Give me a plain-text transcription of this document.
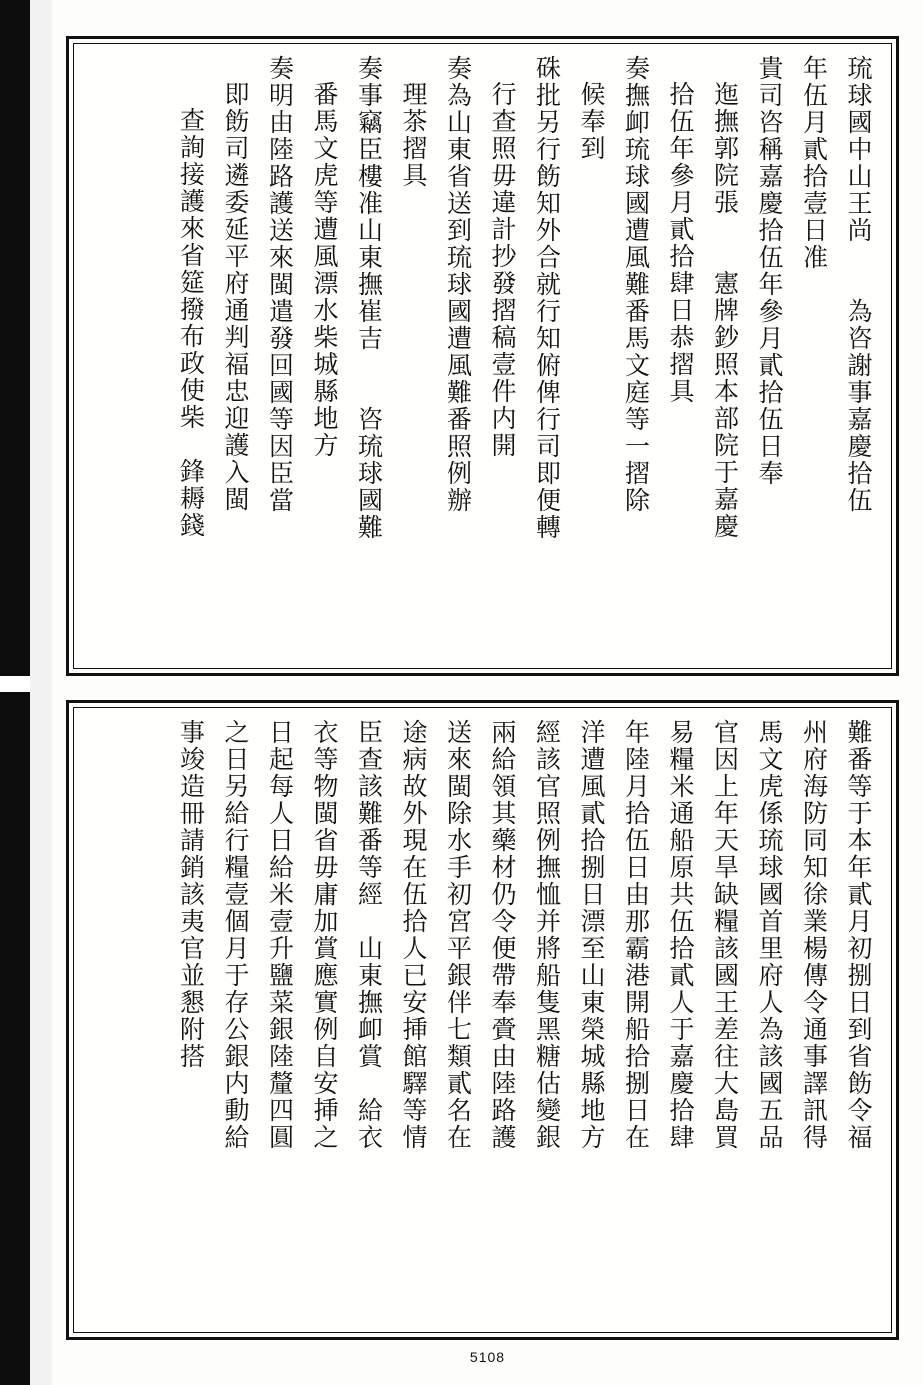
琉球國中山王尚　　為咨謝事嘉慶拾伍
年伍月貳拾壹日准
貴司咨稱嘉慶拾伍年參月貳拾伍日奉
迤撫郭院張　　憲牌鈔照本部院于嘉慶
拾伍年參月貳拾肆日恭摺具
奏撫卹琉球國遭風難番馬文庭等一摺除
候奉到
硃批另行飭知外合就行知俯俾行司即便轉
行查照毋違計抄發摺稿壹件内開
奏為山東省送到琉球國遭風難番照例辦
理茶摺具
奏事竊臣樓准山東撫崔吉　　咨琉球國難
番馬文虎等遭風漂水柴城縣地方
奏明由陸路護送來閩遣發回國等因臣當
即飭司遴委延平府通判福忠迎護入閩
查詢接護來省筵撥布政使柴　鋒耨錢
難番等于本年貳月初捌日到省飭令福
州府海防同知徐業楊傳令通事譯訊得
馬文虎係琉球國首里府人為該國五品
官因上年天旱缺糧該國王差往大島買
易糧米通船原共伍拾貳人于嘉慶拾肆
年陸月拾伍日由那霸港開船拾捌日在
洋遭風貳拾捌日漂至山東榮城縣地方
經該官照例撫恤并將船隻黑糖估變銀
兩給領其藥材仍令便帶奉賫由陸路護
送來閩除水手初宮平銀伴七類貳名在
途病故外現在伍拾人已安挿館驛等情
臣查該難番等經　山東撫卹賞　給衣
衣等物閩省毋庸加賞應實例自安挿之
日起每人日給米壹升鹽菜銀陸釐四圓
之日另給行糧壹個月于存公銀内動給
事竣造冊請銷該夷官並懇附搭
5108
